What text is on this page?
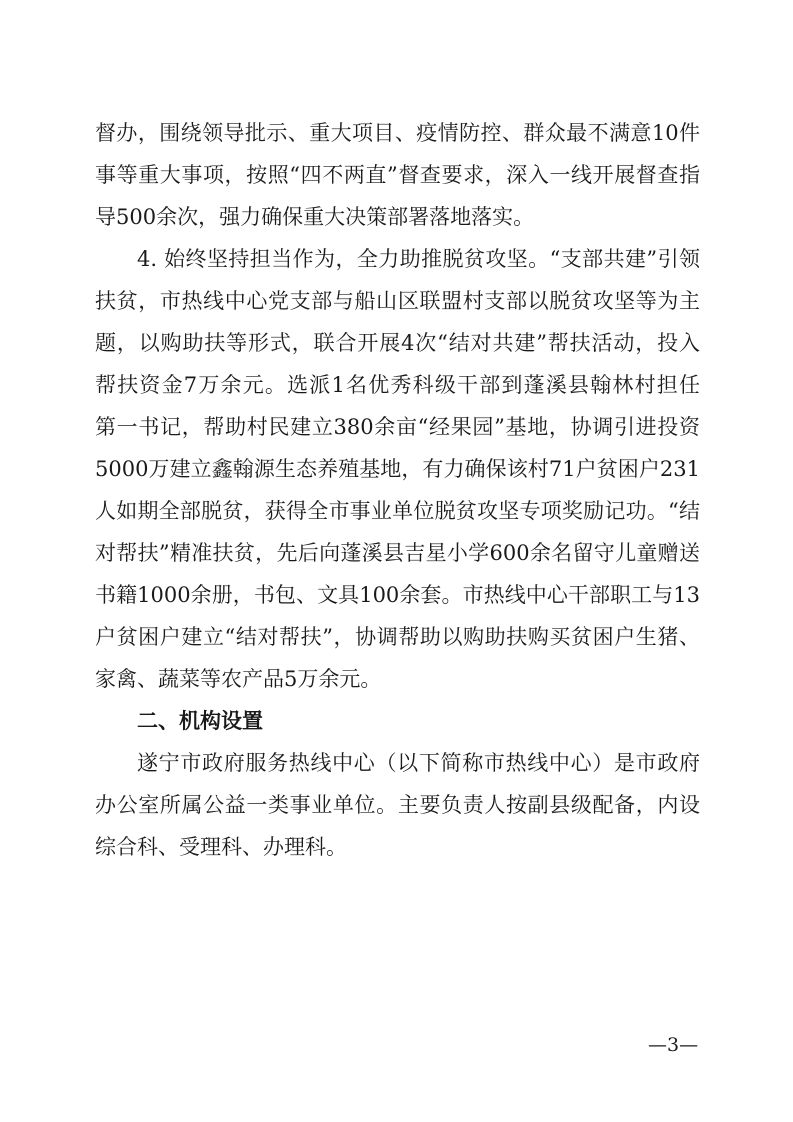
督办，围绕领导批示、重大项目、疫情防控、群众最不满意10件
事等重大事项，按照“四不两直”督查要求，深入一线开展督查指
导500余次，强力确保重大决策部署落地落实。
4. 始终坚持担当作为，全力助推脱贫攻坚。“支部共建”引领
扶贫，市热线中心党支部与船山区联盟村支部以脱贫攻坚等为主
题，以购助扶等形式，联合开展4次“结对共建”帮扶活动，投入
帮扶资金7万余元。选派1名优秀科级干部到蓬溪县翰林村担任
第一书记，帮助村民建立380余亩“经果园”基地，协调引进投资
5000万建立鑫翰源生态养殖基地，有力确保该村71户贫困户231
人如期全部脱贫，获得全市事业单位脱贫攻坚专项奖励记功。“结
对帮扶”精准扶贫，先后向蓬溪县吉星小学600余名留守儿童赠送
书籍1000余册，书包、文具100余套。市热线中心干部职工与13
户贫困户建立“结对帮扶”，协调帮助以购助扶购买贫困户生猪、
家禽、蔬菜等农产品5万余元。
二、机构设置
遂宁市政府服务热线中心（以下简称市热线中心）是市政府
办公室所属公益一类事业单位。主要负责人按副县级配备，内设
综合科、受理科、办理科。
—3—
